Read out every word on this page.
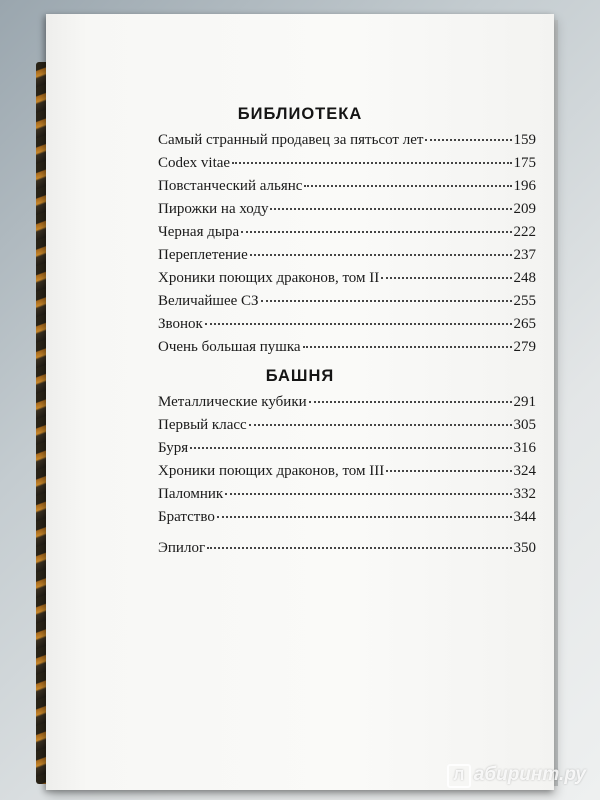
БИБЛИОТЕКА
Самый странный продавец за пятьсот лет	159
Codex vitae	175
Повстанческий альянс	196
Пирожки на ходу	209
Черная дыра	222
Переплетение	237
Хроники поющих драконов, том II	248
Величайшее СЗ	255
Звонок	265
Очень большая пушка	279
БАШНЯ
Металлические кубики	291
Первый класс	305
Буря	316
Хроники поющих драконов, том III	324
Паломник	332
Братство	344
Эпилог	350
Л абиринт.ру
